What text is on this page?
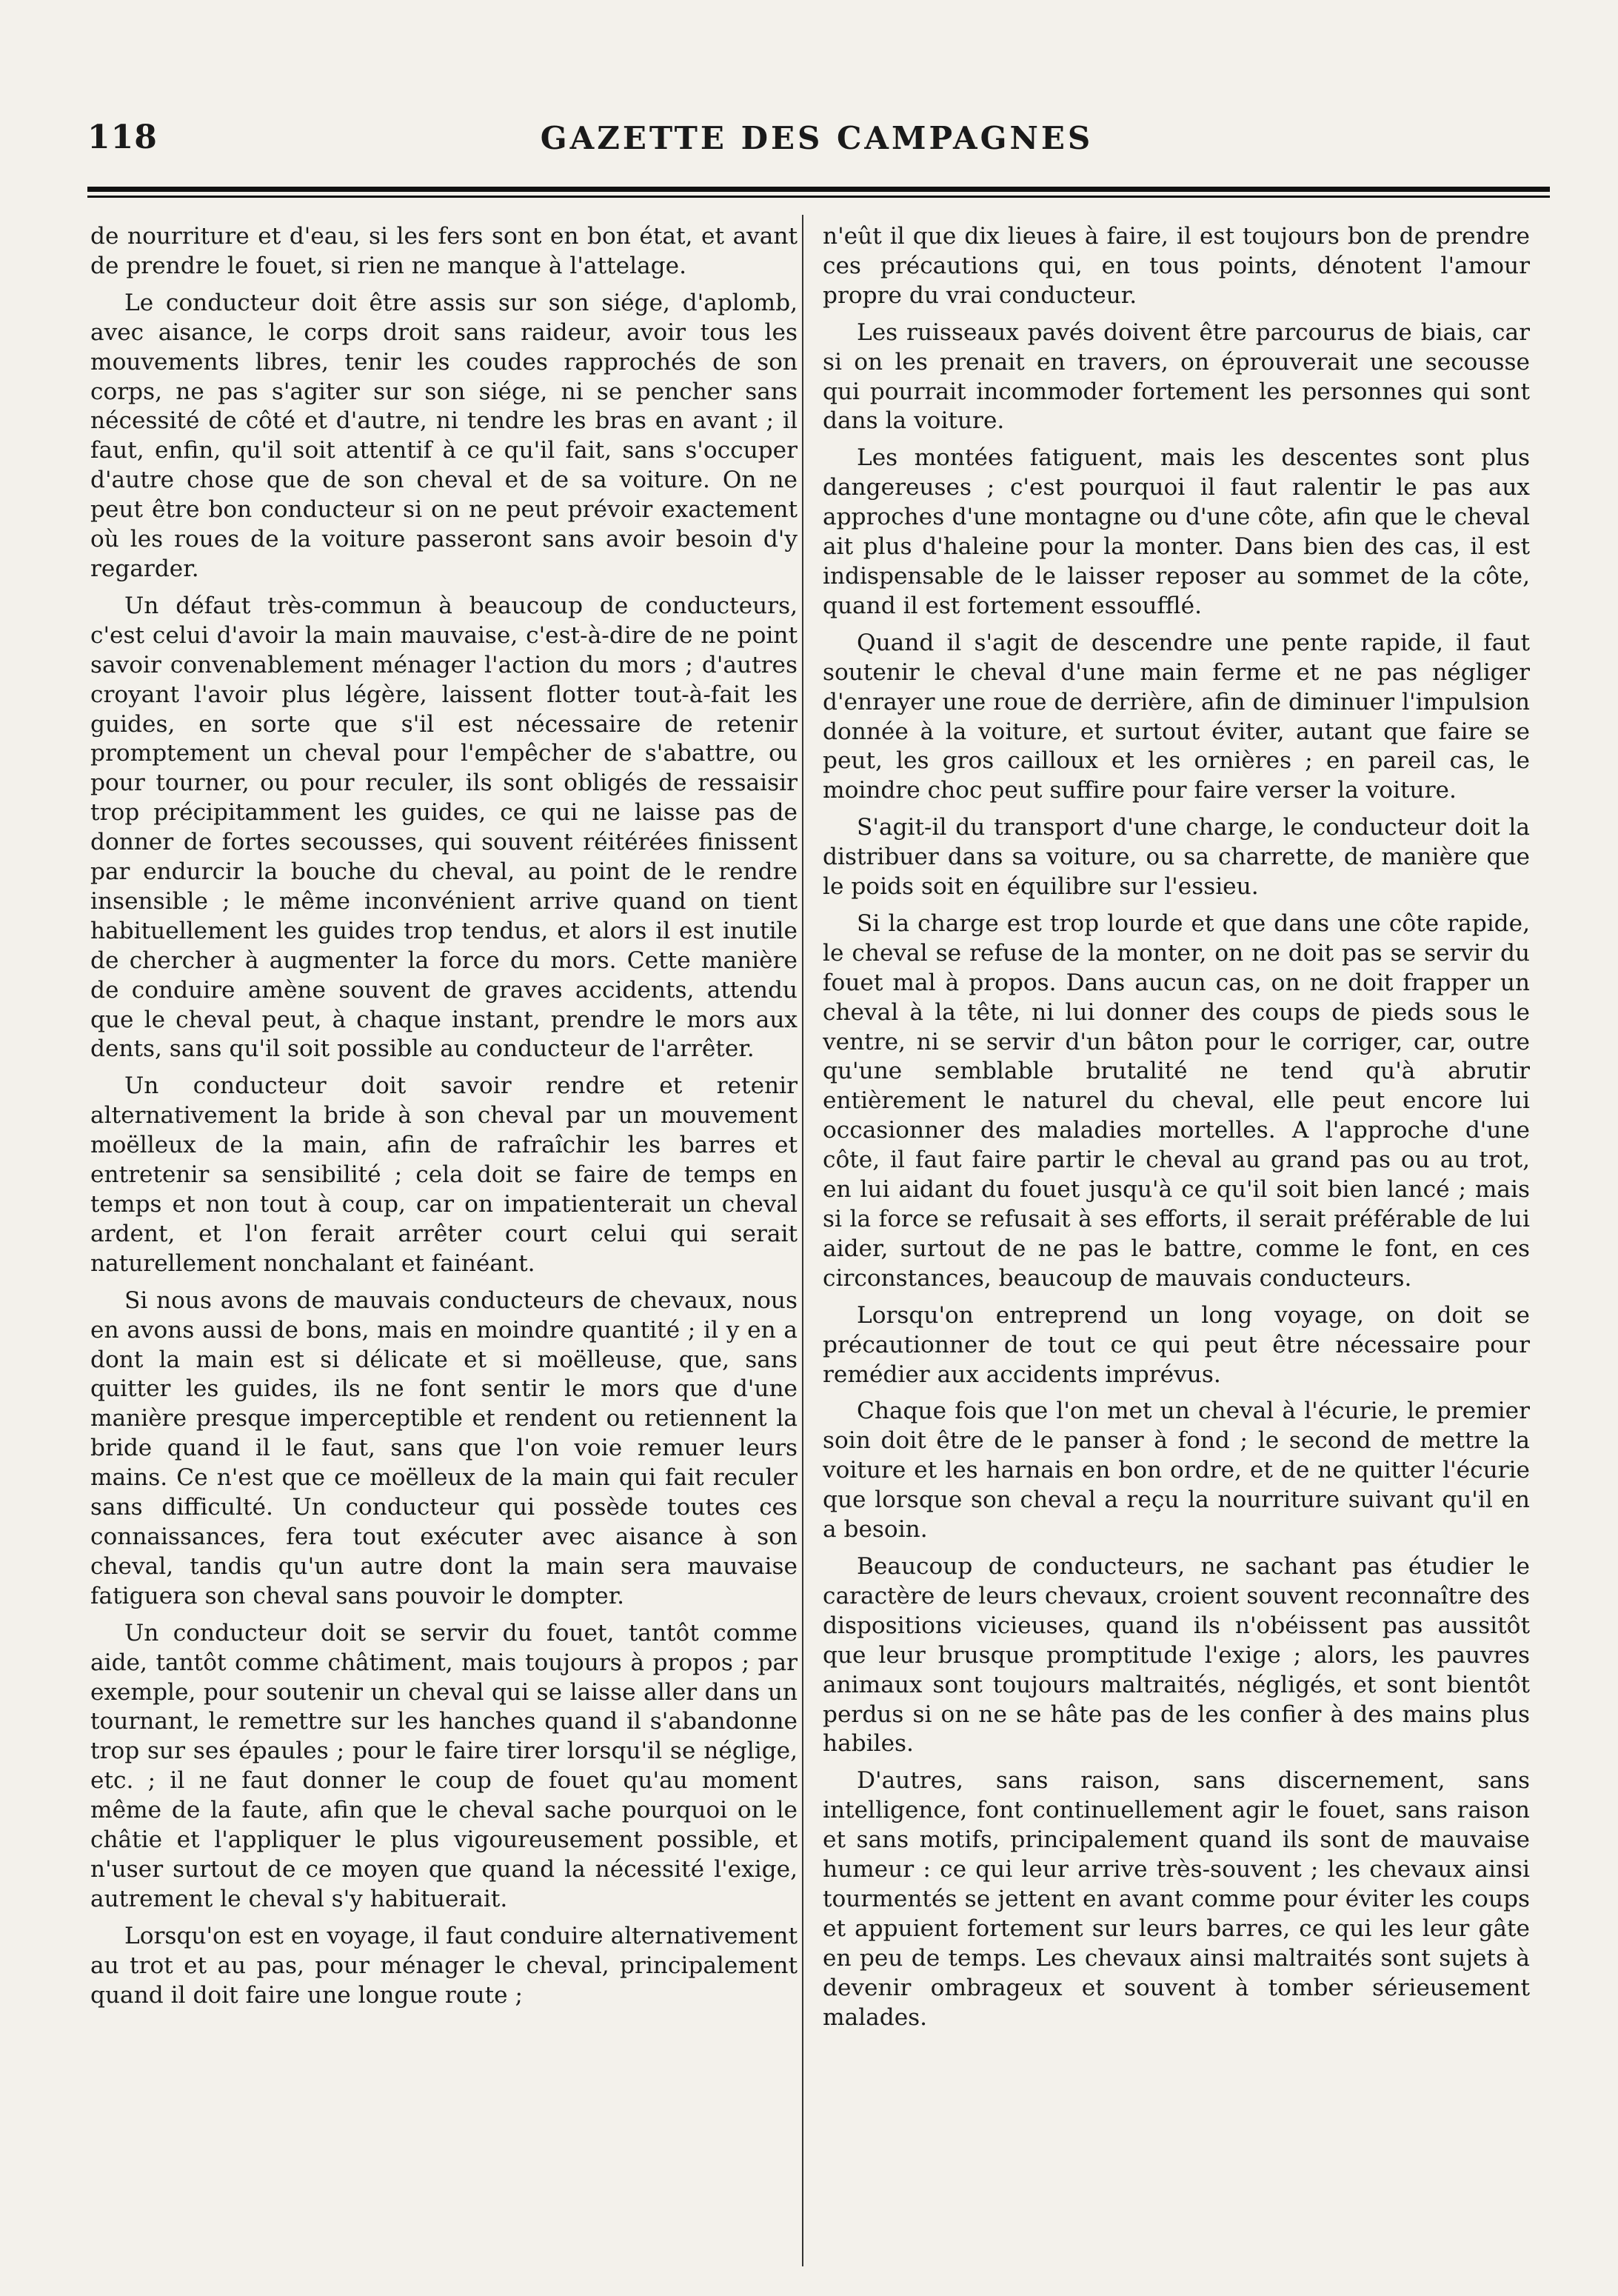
118	GAZETTE DES CAMPAGNES

de nourriture et d'eau, si les fers sont en bon état, et avant de prendre le fouet, si rien ne manque à l'attelage.

Le conducteur doit être assis sur son siége, d'aplomb, avec aisance, le corps droit sans raideur, avoir tous les mouvements libres, tenir les coudes rapprochés de son corps, ne pas s'agiter sur son siége, ni se pencher sans nécessité de côté et d'autre, ni tendre les bras en avant ; il faut, enfin, qu'il soit attentif à ce qu'il fait, sans s'occuper d'autre chose que de son cheval et de sa voiture. On ne peut être bon conducteur si on ne peut prévoir exactement où les roues de la voiture passeront sans avoir besoin d'y regarder.

Un défaut très-commun à beaucoup de conducteurs, c'est celui d'avoir la main mauvaise, c'est-à-dire de ne point savoir convenablement ménager l'action du mors ; d'autres croyant l'avoir plus légère, laissent flotter tout-à-fait les guides, en sorte que s'il est nécessaire de retenir promptement un cheval pour l'empêcher de s'abattre, ou pour tourner, ou pour reculer, ils sont obligés de ressaisir trop précipitamment les guides, ce qui ne laisse pas de donner de fortes secousses, qui souvent réitérées finissent par endurcir la bouche du cheval, au point de le rendre insensible ; le même inconvénient arrive quand on tient habituellement les guides trop tendus, et alors il est inutile de chercher à augmenter la force du mors. Cette manière de conduire amène souvent de graves accidents, attendu que le cheval peut, à chaque instant, prendre le mors aux dents, sans qu'il soit possible au conducteur de l'arrêter.

Un conducteur doit savoir rendre et retenir alternativement la bride à son cheval par un mouvement moëlleux de la main, afin de rafraîchir les barres et entretenir sa sensibilité ; cela doit se faire de temps en temps et non tout à coup, car on impatienterait un cheval ardent, et l'on ferait arrêter court celui qui serait naturellement nonchalant et fainéant.

Si nous avons de mauvais conducteurs de chevaux, nous en avons aussi de bons, mais en moindre quantité ; il y en a dont la main est si délicate et si moëlleuse, que, sans quitter les guides, ils ne font sentir le mors que d'une manière presque imperceptible et rendent ou retiennent la bride quand il le faut, sans que l'on voie remuer leurs mains. Ce n'est que ce moëlleux de la main qui fait reculer sans difficulté. Un conducteur qui possède toutes ces connaissances, fera tout exécuter avec aisance à son cheval, tandis qu'un autre dont la main sera mauvaise fatiguera son cheval sans pouvoir le dompter.

Un conducteur doit se servir du fouet, tantôt comme aide, tantôt comme châtiment, mais toujours à propos ; par exemple, pour soutenir un cheval qui se laisse aller dans un tournant, le remettre sur les hanches quand il s'abandonne trop sur ses épaules ; pour le faire tirer lorsqu'il se néglige, etc. ; il ne faut donner le coup de fouet qu'au moment même de la faute, afin que le cheval sache pourquoi on le châtie et l'appliquer le plus vigoureusement possible, et n'user surtout de ce moyen que quand la nécessité l'exige, autrement le cheval s'y habituerait.

Lorsqu'on est en voyage, il faut conduire alternativement au trot et au pas, pour ménager le cheval, principalement quand il doit faire une longue route ;

n'eût il que dix lieues à faire, il est toujours bon de prendre ces précautions qui, en tous points, dénotent l'amour propre du vrai conducteur.

Les ruisseaux pavés doivent être parcourus de biais, car si on les prenait en travers, on éprouverait une secousse qui pourrait incommoder fortement les personnes qui sont dans la voiture.

Les montées fatiguent, mais les descentes sont plus dangereuses ; c'est pourquoi il faut ralentir le pas aux approches d'une montagne ou d'une côte, afin que le cheval ait plus d'haleine pour la monter. Dans bien des cas, il est indispensable de le laisser reposer au sommet de la côte, quand il est fortement essoufflé.

Quand il s'agit de descendre une pente rapide, il faut soutenir le cheval d'une main ferme et ne pas négliger d'enrayer une roue de derrière, afin de diminuer l'impulsion donnée à la voiture, et surtout éviter, autant que faire se peut, les gros cailloux et les ornières ; en pareil cas, le moindre choc peut suffire pour faire verser la voiture.

S'agit-il du transport d'une charge, le conducteur doit la distribuer dans sa voiture, ou sa charrette, de manière que le poids soit en équilibre sur l'essieu.

Si la charge est trop lourde et que dans une côte rapide, le cheval se refuse de la monter, on ne doit pas se servir du fouet mal à propos. Dans aucun cas, on ne doit frapper un cheval à la tête, ni lui donner des coups de pieds sous le ventre, ni se servir d'un bâton pour le corriger, car, outre qu'une semblable brutalité ne tend qu'à abrutir entièrement le naturel du cheval, elle peut encore lui occasionner des maladies mortelles. A l'approche d'une côte, il faut faire partir le cheval au grand pas ou au trot, en lui aidant du fouet jusqu'à ce qu'il soit bien lancé ; mais si la force se refusait à ses efforts, il serait préférable de lui aider, surtout de ne pas le battre, comme le font, en ces circonstances, beaucoup de mauvais conducteurs.

Lorsqu'on entreprend un long voyage, on doit se précautionner de tout ce qui peut être nécessaire pour remédier aux accidents imprévus.

Chaque fois que l'on met un cheval à l'écurie, le premier soin doit être de le panser à fond ; le second de mettre la voiture et les harnais en bon ordre, et de ne quitter l'écurie que lorsque son cheval a reçu la nourriture suivant qu'il en a besoin.

Beaucoup de conducteurs, ne sachant pas étudier le caractère de leurs chevaux, croient souvent reconnaître des dispositions vicieuses, quand ils n'obéissent pas aussitôt que leur brusque promptitude l'exige ; alors, les pauvres animaux sont toujours maltraités, négligés, et sont bientôt perdus si on ne se hâte pas de les confier à des mains plus habiles.

D'autres, sans raison, sans discernement, sans intelligence, font continuellement agir le fouet, sans raison et sans motifs, principalement quand ils sont de mauvaise humeur : ce qui leur arrive très-souvent ; les chevaux ainsi tourmentés se jettent en avant comme pour éviter les coups et appuient fortement sur leurs barres, ce qui les leur gâte en peu de temps. Les chevaux ainsi maltraités sont sujets à devenir ombrageux et souvent à tomber sérieusement malades.
